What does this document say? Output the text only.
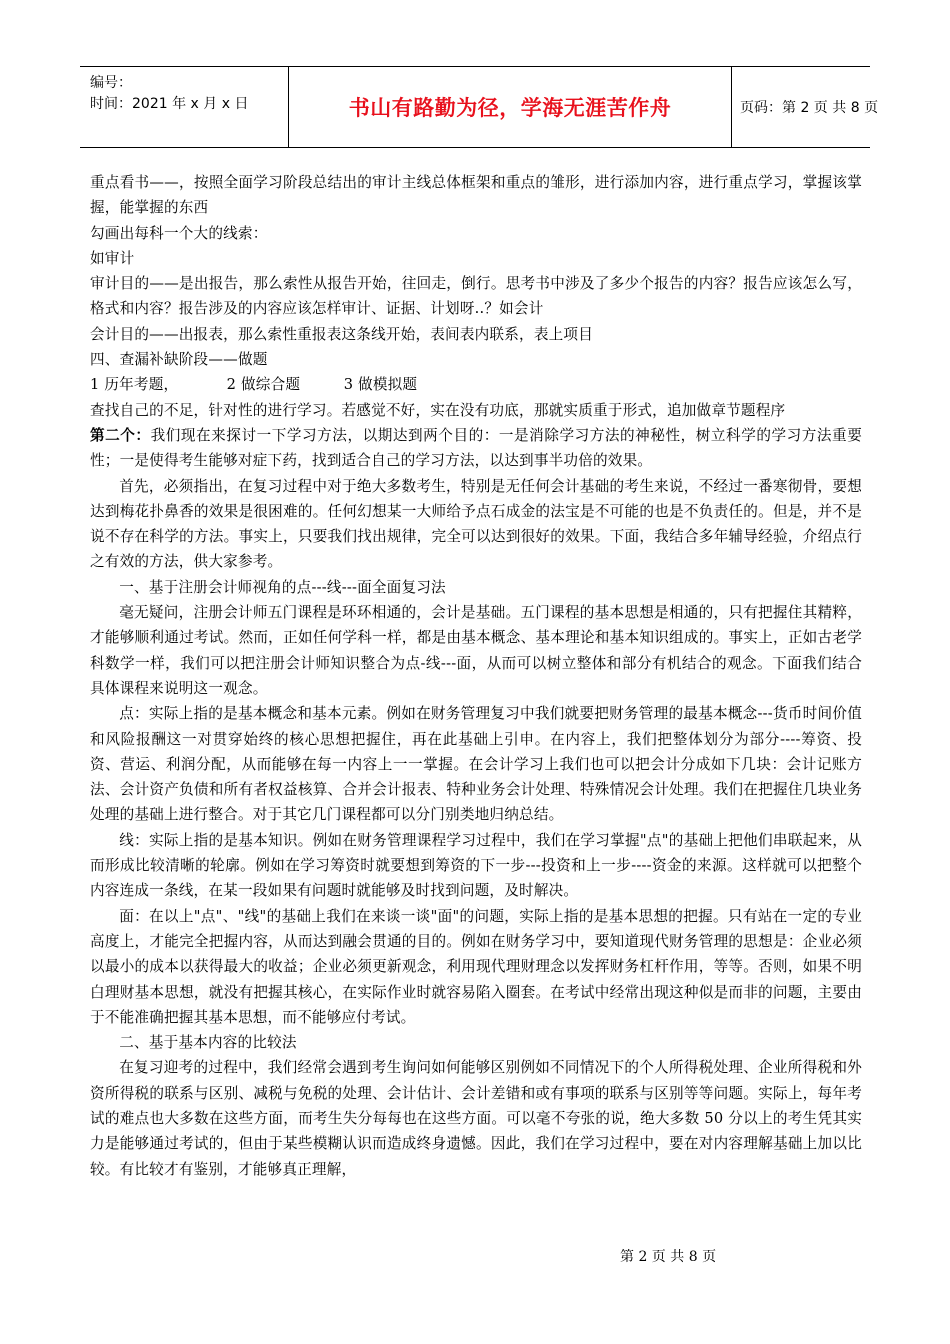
编号：
时间：2021 年 x 月 x 日	书山有路勤为径，学海无涯苦作舟	页码：第 2 页 共 8 页

重点看书——，按照全面学习阶段总结出的审计主线总体框架和重点的雏形，进行添加内容，进行重点学习，掌握该掌握，能掌握的东西

勾画出每科一个大的线索：

如审计

审计目的——是出报告，那么索性从报告开始，往回走，倒行。思考书中涉及了多少个报告的内容？报告应该怎么写，格式和内容？报告涉及的内容应该怎样审计、证据、计划呀..？如会计

会计目的——出报表，那么索性重报表这条线开始，表间表内联系，表上项目

四、查漏补缺阶段——做题

1 历年考题，          2 做综合题         3 做模拟题

查找自己的不足，针对性的进行学习。若感觉不好，实在没有功底，那就实质重于形式，追加做章节题程序

第二个：我们现在来探讨一下学习方法，以期达到两个目的：一是消除学习方法的神秘性，树立科学的学习方法重要性；一是使得考生能够对症下药，找到适合自己的学习方法，以达到事半功倍的效果。

首先，必须指出，在复习过程中对于绝大多数考生，特别是无任何会计基础的考生来说，不经过一番寒彻骨，要想达到梅花扑鼻香的效果是很困难的。任何幻想某一大师给予点石成金的法宝是不可能的也是不负责任的。但是，并不是说不存在科学的方法。事实上，只要我们找出规律，完全可以达到很好的效果。下面，我结合多年辅导经验，介绍点行之有效的方法，供大家参考。

一、基于注册会计师视角的点---线---面全面复习法

毫无疑问，注册会计师五门课程是环环相通的，会计是基础。五门课程的基本思想是相通的，只有把握住其精粹，才能够顺利通过考试。然而，正如任何学科一样，都是由基本概念、基本理论和基本知识组成的。事实上，正如古老学科数学一样，我们可以把注册会计师知识整合为点-线---面，从而可以树立整体和部分有机结合的观念。下面我们结合具体课程来说明这一观念。

点：实际上指的是基本概念和基本元素。例如在财务管理复习中我们就要把财务管理的最基本概念---货币时间价值和风险报酬这一对贯穿始终的核心思想把握住，再在此基础上引申。在内容上，我们把整体划分为部分----筹资、投资、营运、利润分配，从而能够在每一内容上一一掌握。在会计学习上我们也可以把会计分成如下几块：会计记账方法、会计资产负债和所有者权益核算、合并会计报表、特种业务会计处理、特殊情况会计处理。我们在把握住几块业务处理的基础上进行整合。对于其它几门课程都可以分门别类地归纳总结。

线：实际上指的是基本知识。例如在财务管理课程学习过程中，我们在学习掌握"点"的基础上把他们串联起来，从而形成比较清晰的轮廓。例如在学习筹资时就要想到筹资的下一步---投资和上一步----资金的来源。这样就可以把整个内容连成一条线，在某一段如果有问题时就能够及时找到问题，及时解决。

面：在以上"点"、"线"的基础上我们在来谈一谈"面"的问题，实际上指的是基本思想的把握。只有站在一定的专业高度上，才能完全把握内容，从而达到融会贯通的目的。例如在财务学习中，要知道现代财务管理的思想是：企业必须以最小的成本以获得最大的收益；企业必须更新观念，利用现代理财理念以发挥财务杠杆作用，等等。否则，如果不明白理财基本思想，就没有把握其核心，在实际作业时就容易陷入圈套。在考试中经常出现这种似是而非的问题，主要由于不能准确把握其基本思想，而不能够应付考试。

二、基于基本内容的比较法

在复习迎考的过程中，我们经常会遇到考生询问如何能够区别例如不同情况下的个人所得税处理、企业所得税和外资所得税的联系与区别、减税与免税的处理、会计估计、会计差错和或有事项的联系与区别等等问题。实际上，每年考试的难点也大多数在这些方面，而考生失分每每也在这些方面。可以毫不夸张的说，绝大多数 50 分以上的考生凭其实力是能够通过考试的，但由于某些模糊认识而造成终身遗憾。因此，我们在学习过程中，要在对内容理解基础上加以比较。有比较才有鉴别，才能够真正理解，

第 2 页 共 8 页
